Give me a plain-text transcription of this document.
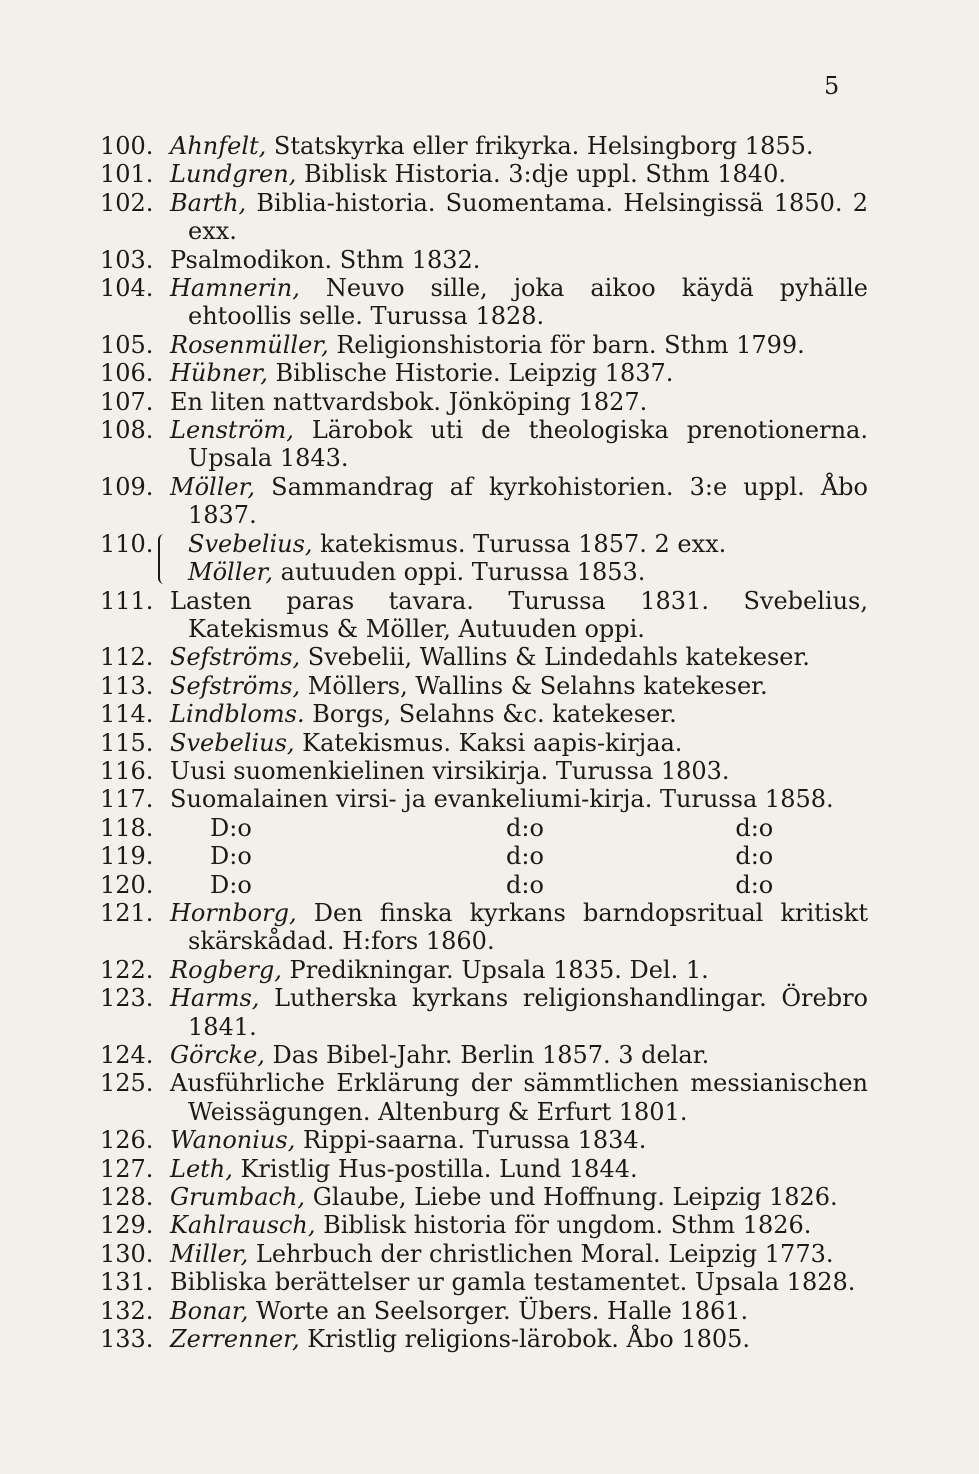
5
100. Ahnfelt, Statskyrka eller frikyrka. Helsingborg 1855.
101. Lundgren, Biblisk Historia. 3:dje uppl. Sthm 1840.
102. Barth, Biblia-historia. Suomentama. Helsingissä 1850. 2 exx.
103. Psalmodikon. Sthm 1832.
104. Hamnerin, Neuvo sille, joka aikoo käydä pyhälle ehtoollis selle. Turussa 1828.
105. Rosenmüller, Religionshistoria för barn. Sthm 1799.
106. Hübner, Biblische Historie. Leipzig 1837.
107. En liten nattvardsbok. Jönköping 1827.
108. Lenström, Lärobok uti de theologiska prenotionerna. Upsala 1843.
109. Möller, Sammandrag af kyrkohistorien. 3:e uppl. Åbo 1837.
110.	Svebelius, katekismus. Turussa 1857. 2 exx.
Möller, autuuden oppi. Turussa 1853.
111. Lasten paras tavara. Turussa 1831. Svebelius, Katekismus & Möller, Autuuden oppi.
112. Sefströms, Svebelii, Wallins & Lindedahls katekeser.
113. Sefströms, Möllers, Wallins & Selahns katekeser.
114. Lindbloms. Borgs, Selahns &c. katekeser.
115. Svebelius, Katekismus. Kaksi aapis-kirjaa.
116. Uusi suomenkielinen virsikirja. Turussa 1803.
117. Suomalainen virsi- ja evankeliumi-kirja. Turussa 1858.
118.	D:o	d:o	d:o
119.	D:o	d:o	d:o
120.	D:o	d:o	d:o
121. Hornborg, Den finska kyrkans barndopsritual kritiskt skärskådad. H:fors 1860.
122. Rogberg, Predikningar. Upsala 1835. Del. 1.
123. Harms, Lutherska kyrkans religionshandlingar. Örebro 1841.
124. Görcke, Das Bibel-Jahr. Berlin 1857. 3 delar.
125. Ausführliche Erklärung der sämmtlichen messianischen Weissägungen. Altenburg & Erfurt 1801.
126. Wanonius, Rippi-saarna. Turussa 1834.
127. Leth, Kristlig Hus-postilla. Lund 1844.
128. Grumbach, Glaube, Liebe und Hoffnung. Leipzig 1826.
129. Kahlrausch, Biblisk historia för ungdom. Sthm 1826.
130. Miller, Lehrbuch der christlichen Moral. Leipzig 1773.
131. Bibliska berättelser ur gamla testamentet. Upsala 1828.
132. Bonar, Worte an Seelsorger. Übers. Halle 1861.
133. Zerrenner, Kristlig religions-lärobok. Åbo 1805.
